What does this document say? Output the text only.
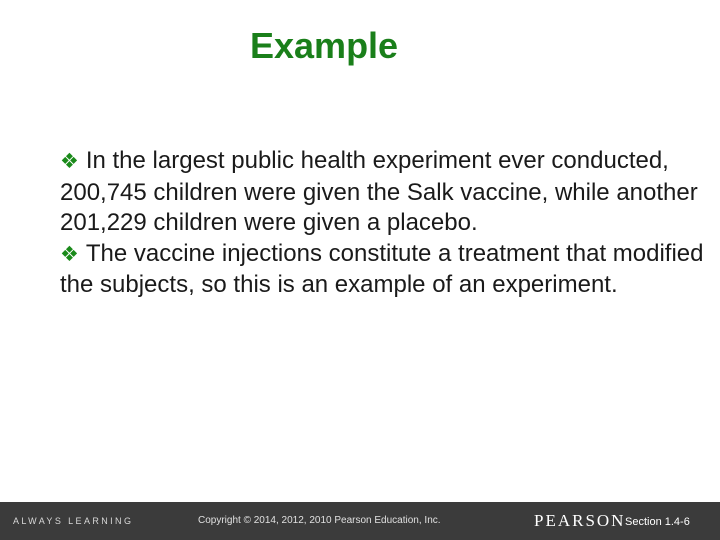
Example

❖ In the largest public health experiment ever conducted, 200,745 children were given the Salk vaccine, while another 201,229 children were given a placebo.

❖ The vaccine injections constitute a treatment that modified the subjects, so this is an example of an experiment.

ALWAYS LEARNING	Copyright © 2014, 2012, 2010 Pearson Education, Inc.	PEARSON Section 1.4-6
